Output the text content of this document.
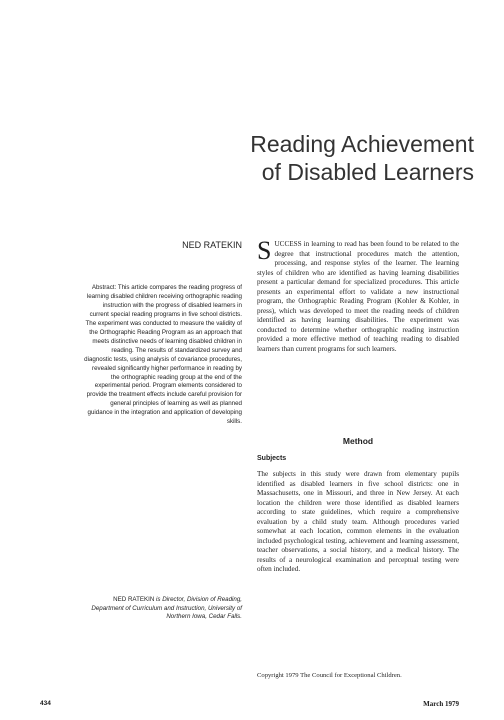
Reading Achievement
of Disabled Learners
NED RATEKIN

Abstract: This article compares the reading progress of learning disabled children receiving orthographic reading instruction with the progress of disabled learners in current special reading programs in five school districts. The experiment was conducted to measure the validity of the Orthographic Reading Program as an approach that meets distinctive needs of learning disabled children in reading. The results of standardized survey and diagnostic tests, using analysis of covariance procedures, revealed significantly higher performance in reading by the orthographic reading group at the end of the experimental period. Program elements considered to provide the treatment effects include careful provision for general principles of learning as well as planned guidance in the integration and application of developing skills.

NED RATEKIN is Director, Division of Reading, Department of Curriculum and Instruction, University of Northern Iowa, Cedar Falls.
S UCCESS in learning to read has been found to be related to the degree that instructional procedures match the attention, processing, and response styles of the learner. The learning styles of children who are identified as having learning disabilities present a particular demand for specialized procedures. This article presents an experimental effort to validate a new instructional program, the Orthographic Reading Program (Kohler & Kohler, in press), which was developed to meet the reading needs of children identified as having learning disabilities. The experiment was conducted to determine whether orthographic reading instruction provided a more effective method of teaching reading to disabled learners than current programs for such learners.
Method
Subjects

The subjects in this study were drawn from elementary pupils identified as disabled learners in five school districts: one in Massachusetts, one in Missouri, and three in New Jersey. At each location the children were those identified as disabled learners according to state guidelines, which require a comprehensive evaluation by a child study team. Although procedures varied somewhat at each location, common elements in the evaluation included psychological testing, achievement and learning assessment, teacher observations, a social history, and a medical history. The results of a neurological examination and perceptual testing were often included.

Copyright 1979 The Council for Exceptional Children.

434	March 1979
